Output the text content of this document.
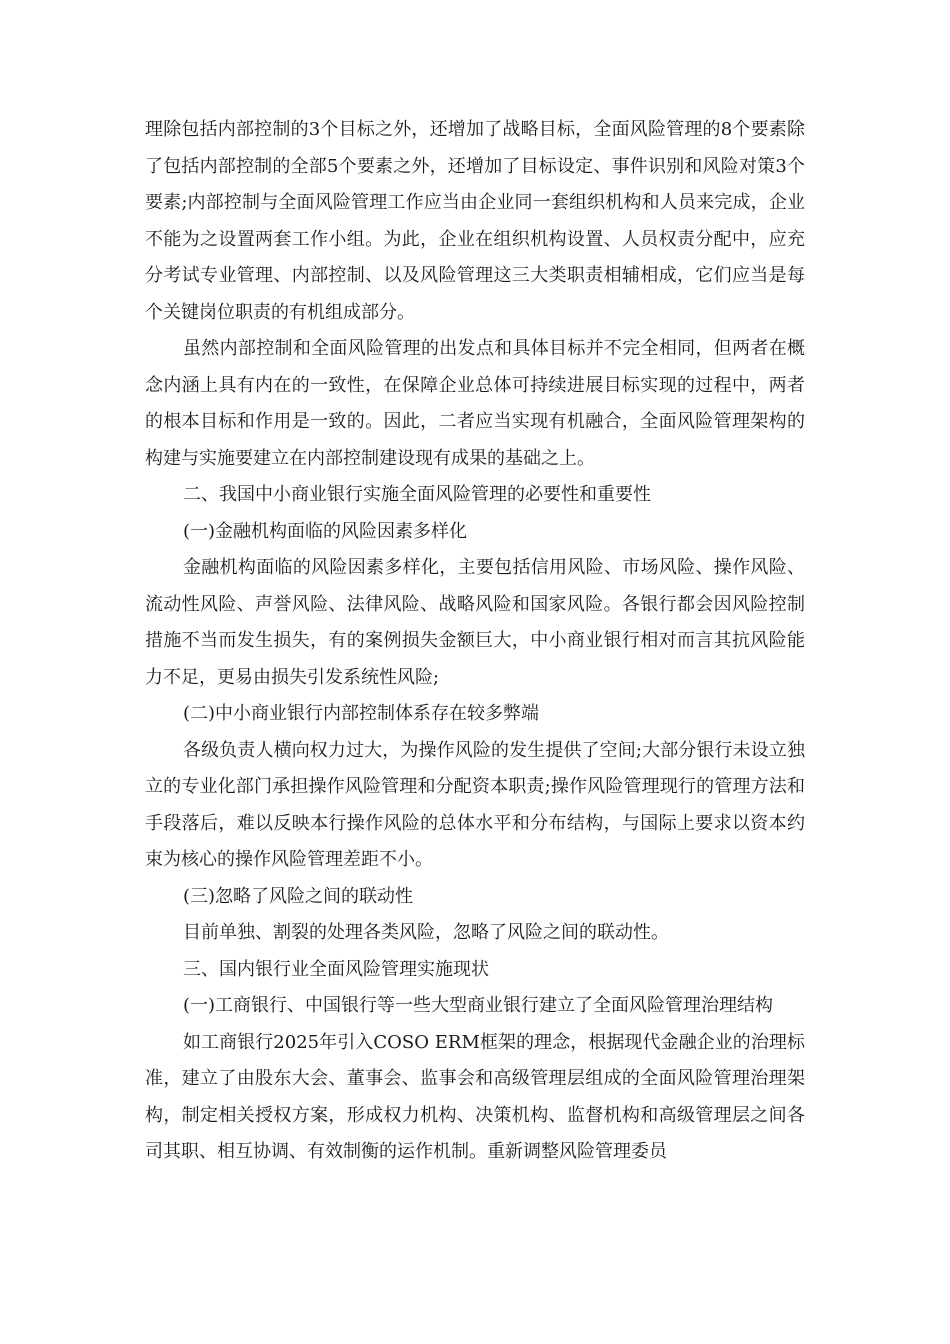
理除包括内部控制的3个目标之外，还增加了战略目标，全面风险管理的8个要素除了包括内部控制的全部5个要素之外，还增加了目标设定、事件识别和风险对策3个要素;内部控制与全面风险管理工作应当由企业同一套组织机构和人员来完成，企业不能为之设置两套工作小组。为此，企业在组织机构设置、人员权责分配中，应充分考试专业管理、内部控制、以及风险管理这三大类职责相辅相成，它们应当是每个关键岗位职责的有机组成部分。

虽然内部控制和全面风险管理的出发点和具体目标并不完全相同，但两者在概念内涵上具有内在的一致性，在保障企业总体可持续进展目标实现的过程中，两者的根本目标和作用是一致的。因此，二者应当实现有机融合，全面风险管理架构的构建与实施要建立在内部控制建设现有成果的基础之上。

二、我国中小商业银行实施全面风险管理的必要性和重要性

(一)金融机构面临的风险因素多样化

金融机构面临的风险因素多样化，主要包括信用风险、市场风险、操作风险、流动性风险、声誉风险、法律风险、战略风险和国家风险。各银行都会因风险控制措施不当而发生损失，有的案例损失金额巨大，中小商业银行相对而言其抗风险能力不足，更易由损失引发系统性风险;

(二)中小商业银行内部控制体系存在较多弊端

各级负责人横向权力过大，为操作风险的发生提供了空间;大部分银行未设立独立的专业化部门承担操作风险管理和分配资本职责;操作风险管理现行的管理方法和手段落后，难以反映本行操作风险的总体水平和分布结构，与国际上要求以资本约束为核心的操作风险管理差距不小。

(三)忽略了风险之间的联动性

目前单独、割裂的处理各类风险，忽略了风险之间的联动性。

三、国内银行业全面风险管理实施现状

(一)工商银行、中国银行等一些大型商业银行建立了全面风险管理治理结构

如工商银行2025年引入COSO ERM框架的理念，根据现代金融企业的治理标准，建立了由股东大会、董事会、监事会和高级管理层组成的全面风险管理治理架构，制定相关授权方案，形成权力机构、决策机构、监督机构和高级管理层之间各司其职、相互协调、有效制衡的运作机制。重新调整风险管理委员
